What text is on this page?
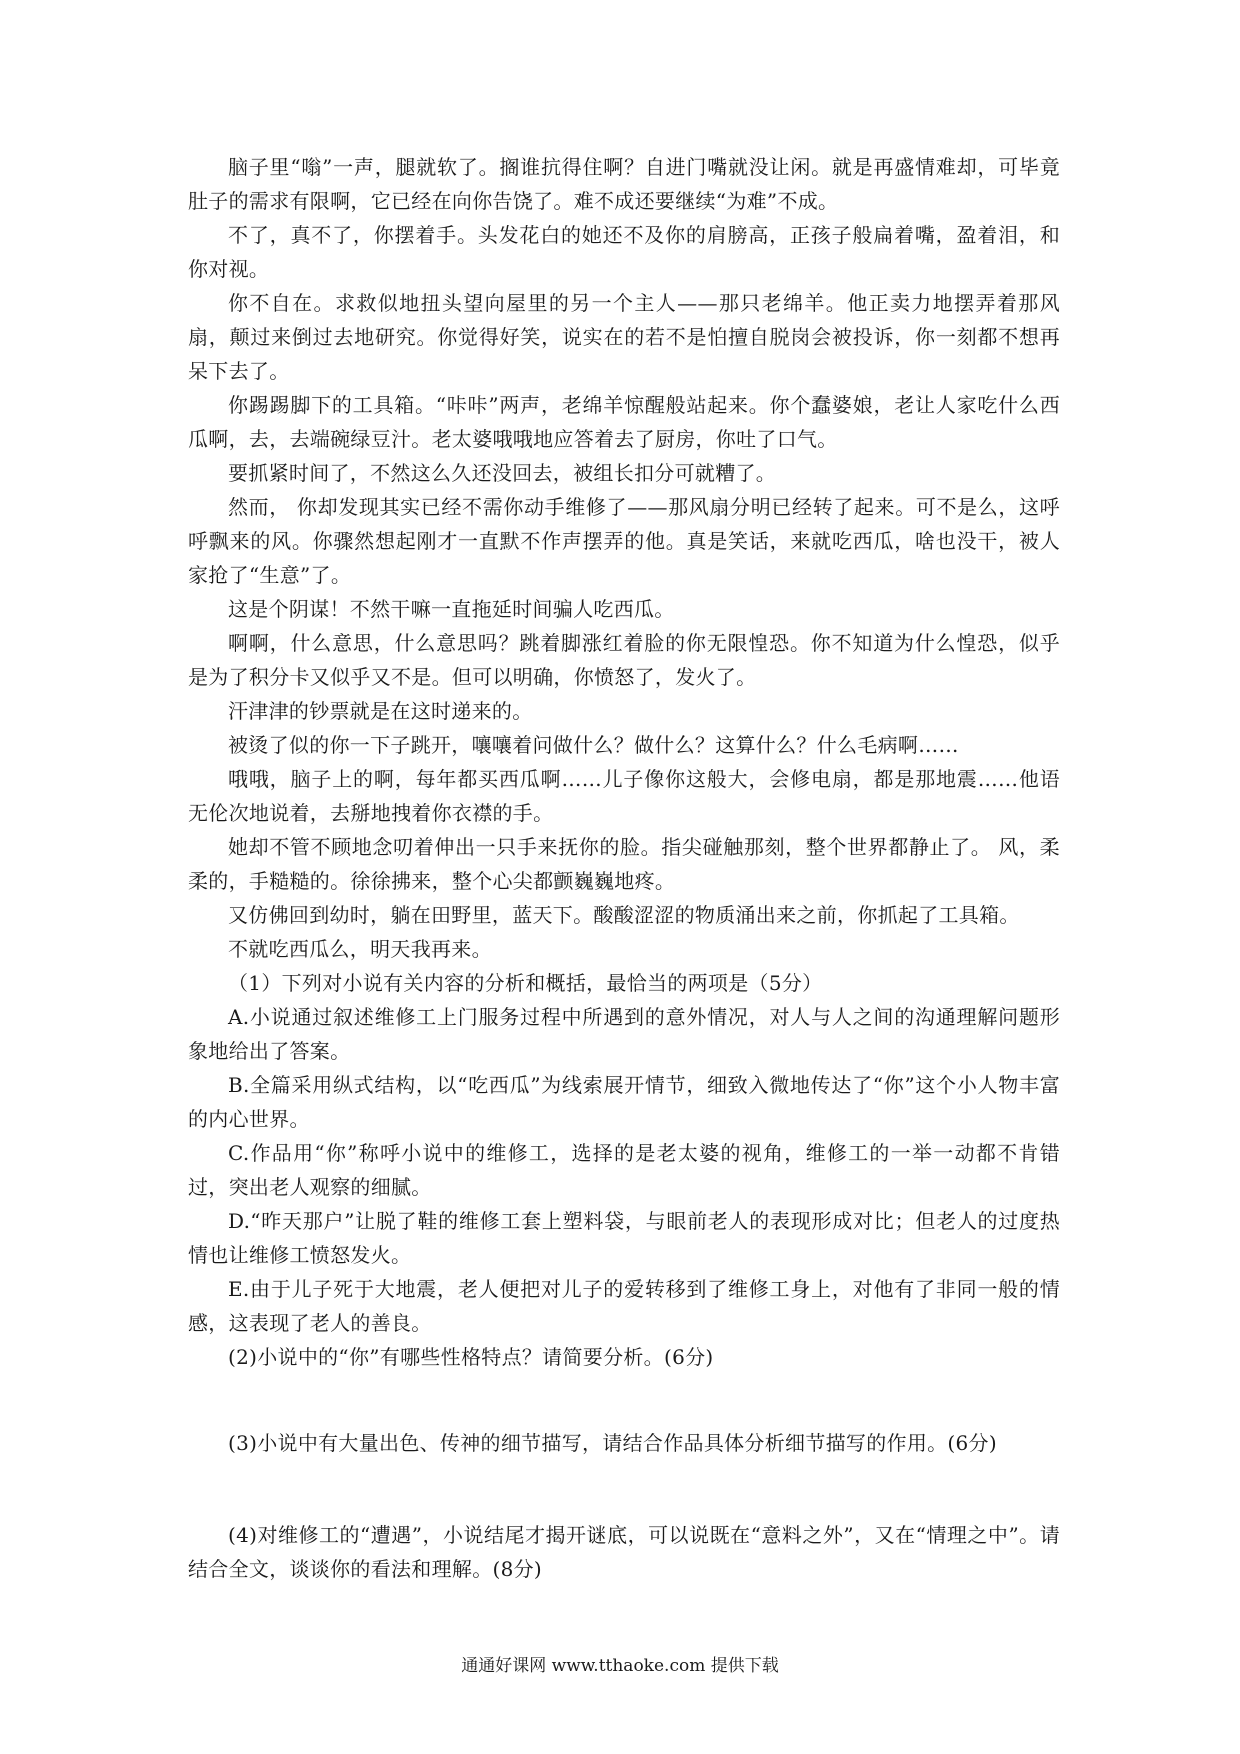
脑子里“嗡”一声，腿就软了。搁谁抗得住啊？自进门嘴就没让闲。就是再盛情难却，可毕竟肚子的需求有限啊，它已经在向你告饶了。难不成还要继续“为难”不成。

不了，真不了，你摆着手。头发花白的她还不及你的肩膀高，正孩子般扁着嘴，盈着泪，和你对视。

你不自在。求救似地扭头望向屋里的另一个主人——那只老绵羊。他正卖力地摆弄着那风扇，颠过来倒过去地研究。你觉得好笑，说实在的若不是怕擅自脱岗会被投诉，你一刻都不想再呆下去了。

你踢踢脚下的工具箱。“咔咔”两声，老绵羊惊醒般站起来。你个蠢婆娘，老让人家吃什么西瓜啊，去，去端碗绿豆汁。老太婆哦哦地应答着去了厨房，你吐了口气。

要抓紧时间了，不然这么久还没回去，被组长扣分可就糟了。

然而， 你却发现其实已经不需你动手维修了——那风扇分明已经转了起来。可不是么，这呼呼飘来的风。你骤然想起刚才一直默不作声摆弄的他。真是笑话，来就吃西瓜，啥也没干，被人家抢了“生意”了。

这是个阴谋！不然干嘛一直拖延时间骗人吃西瓜。

啊啊，什么意思，什么意思吗？跳着脚涨红着脸的你无限惶恐。你不知道为什么惶恐，似乎是为了积分卡又似乎又不是。但可以明确，你愤怒了，发火了。

汗津津的钞票就是在这时递来的。

被烫了似的你一下子跳开，嚷嚷着问做什么？做什么？这算什么？什么毛病啊……

哦哦，脑子上的啊，每年都买西瓜啊……儿子像你这般大，会修电扇，都是那地震……他语无伦次地说着，去掰地拽着你衣襟的手。

她却不管不顾地念叨着伸出一只手来抚你的脸。指尖碰触那刻，整个世界都静止了。 风，柔柔的，手糙糙的。徐徐拂来，整个心尖都颤巍巍地疼。

又仿佛回到幼时，躺在田野里，蓝天下。酸酸涩涩的物质涌出来之前，你抓起了工具箱。

不就吃西瓜么，明天我再来。

（1）下列对小说有关内容的分析和概括，最恰当的两项是（5分）

A.小说通过叙述维修工上门服务过程中所遇到的意外情况，对人与人之间的沟通理解问题形象地给出了答案。

B.全篇采用纵式结构，以“吃西瓜”为线索展开情节，细致入微地传达了“你”这个小人物丰富的内心世界。

C.作品用“你”称呼小说中的维修工，选择的是老太婆的视角，维修工的一举一动都不肯错过，突出老人观察的细腻。

D.“昨天那户”让脱了鞋的维修工套上塑料袋，与眼前老人的表现形成对比；但老人的过度热情也让维修工愤怒发火。

E.由于儿子死于大地震，老人便把对儿子的爱转移到了维修工身上，对他有了非同一般的情感，这表现了老人的善良。

(2)小说中的“你”有哪些性格特点？请简要分析。(6分)

(3)小说中有大量出色、传神的细节描写，请结合作品具体分析细节描写的作用。(6分)

(4)对维修工的“遭遇”，小说结尾才揭开谜底，可以说既在“意料之外”，又在“情理之中”。请结合全文，谈谈你的看法和理解。(8分)

通通好课网 www.tthaoke.com 提供下载
